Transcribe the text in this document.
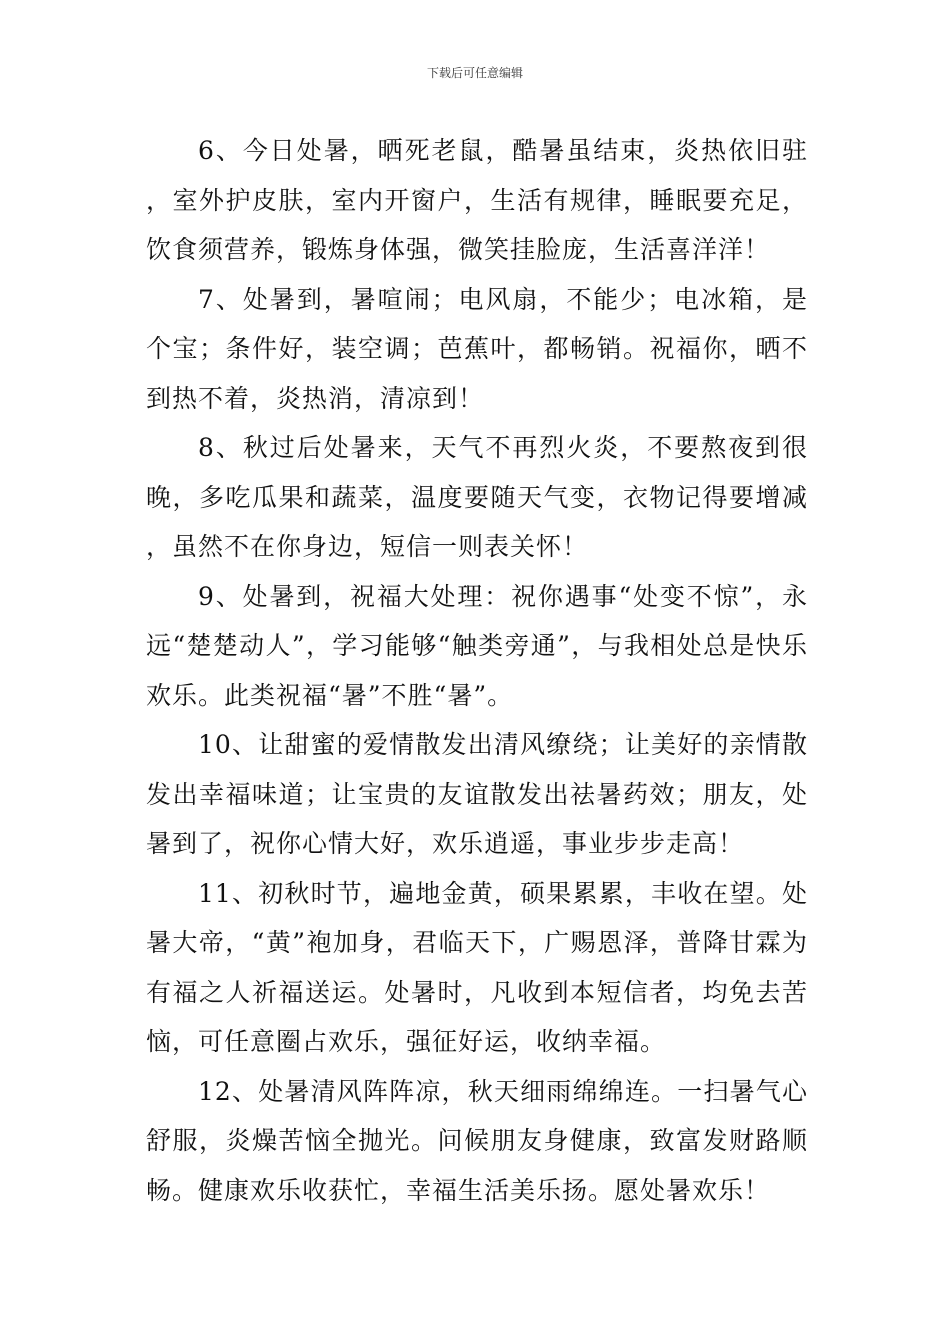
下载后可任意编辑

6、今日处暑，晒死老鼠，酷暑虽结束，炎热依旧驻，室外护皮肤，室内开窗户，生活有规律，睡眠要充足，饮食须营养，锻炼身体强，微笑挂脸庞，生活喜洋洋！

7、处暑到，暑喧闹；电风扇，不能少；电冰箱，是个宝；条件好，装空调；芭蕉叶，都畅销。祝福你，晒不到热不着，炎热消，清凉到！

8、秋过后处暑来，天气不再烈火炎，不要熬夜到很晚，多吃瓜果和蔬菜，温度要随天气变，衣物记得要增减，虽然不在你身边，短信一则表关怀！

9、处暑到，祝福大处理：祝你遇事“处变不惊”，永远“楚楚动人”，学习能够“触类旁通”，与我相处总是快乐欢乐。此类祝福“暑”不胜“暑”。

10、让甜蜜的爱情散发出清风缭绕；让美好的亲情散发出幸福味道；让宝贵的友谊散发出祛暑药效；朋友，处暑到了，祝你心情大好，欢乐逍遥，事业步步走高！

11、初秋时节，遍地金黄，硕果累累，丰收在望。处暑大帝，“黄”袍加身，君临天下，广赐恩泽，普降甘霖为有福之人祈福送运。处暑时，凡收到本短信者，均免去苦恼，可任意圈占欢乐，强征好运，收纳幸福。

12、处暑清风阵阵凉，秋天细雨绵绵连。一扫暑气心舒服，炎燥苦恼全抛光。问候朋友身健康，致富发财路顺畅。健康欢乐收获忙，幸福生活美乐扬。愿处暑欢乐！
